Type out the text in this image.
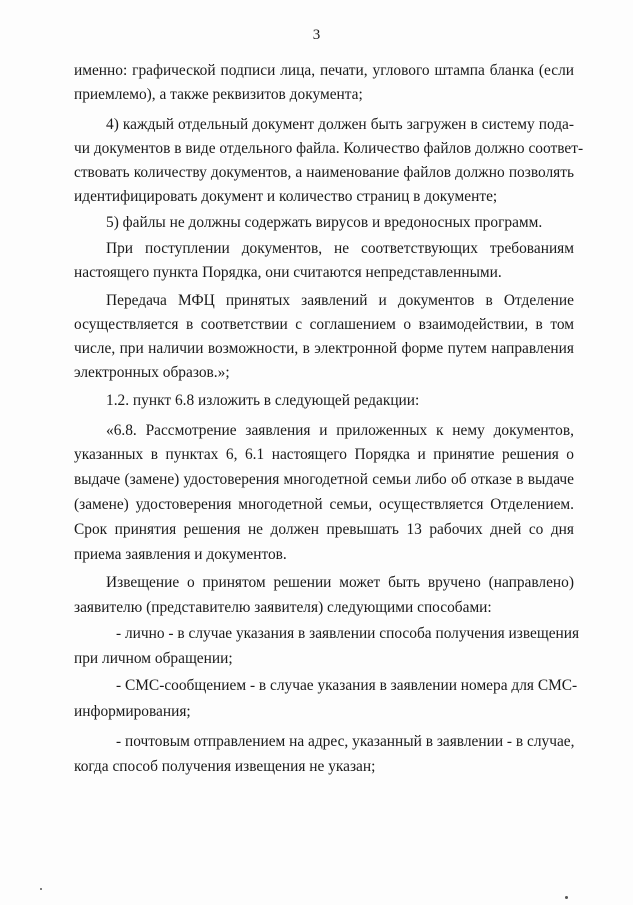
3
именно: графической подписи лица, печати, углового штампа бланка (если
приемлемо), а также реквизитов документа;
4) каждый отдельный документ должен быть загружен в систему пода-
чи документов в виде отдельного файла. Количество файлов должно соответ-
ствовать количеству документов, а наименование файлов должно позволять
идентифицировать документ и количество страниц в документе;
5) файлы не должны содержать вирусов и вредоносных программ.
При поступлении документов, не соответствующих требованиям
настоящего пункта Порядка, они считаются непредставленными.
Передача МФЦ принятых заявлений и документов в Отделение
осуществляется в соответствии с соглашением о взаимодействии, в том
числе, при наличии возможности, в электронной форме путем направления
электронных образов.»;
1.2. пункт 6.8 изложить в следующей редакции:
«6.8. Рассмотрение заявления и приложенных к нему документов,
указанных в пунктах 6, 6.1 настоящего Порядка и принятие решения о
выдаче (замене) удостоверения многодетной семьи либо об отказе в выдаче
(замене) удостоверения многодетной семьи, осуществляется Отделением.
Срок принятия решения не должен превышать 13 рабочих дней со дня
приема заявления и документов.
Извещение о принятом решении может быть вручено (направлено)
заявителю (представителю заявителя) следующими способами:
- лично - в случае указания в заявлении способа получения извещения
при личном обращении;
- СМС-сообщением - в случае указания в заявлении номера для СМС-
информирования;
- почтовым отправлением на адрес, указанный в заявлении - в случае,
когда способ получения извещения не указан;
